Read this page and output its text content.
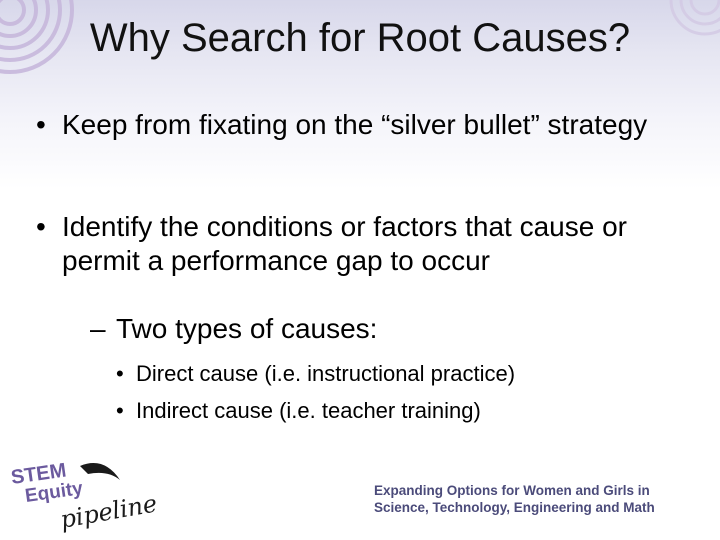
Why Search for Root Causes?
• Keep from fixating on the “silver bullet” strategy
• Identify the conditions or factors that cause or permit a performance gap to occur
– Two types of causes:
• Direct cause (i.e. instructional practice)
• Indirect cause (i.e. teacher training)
STEM
Equity
pipeline	Expanding Options for Women and Girls in
Science, Technology, Engineering and Math
